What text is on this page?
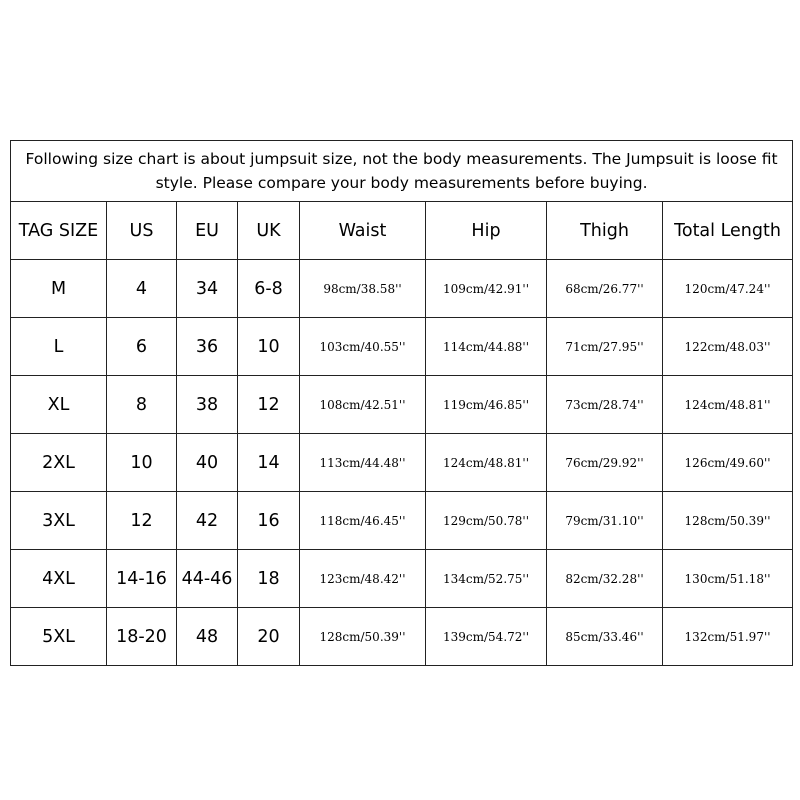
Following size chart is about jumpsuit size, not the body measurements. The Jumpsuit is loose fit style. Please compare your body measurements before buying.							
TAG SIZE	US	EU	UK	Waist	Hip	Thigh	Total Length
M	4	34	6-8	98cm/38.58''	109cm/42.91''	68cm/26.77''	120cm/47.24''
L	6	36	10	103cm/40.55''	114cm/44.88''	71cm/27.95''	122cm/48.03''
XL	8	38	12	108cm/42.51''	119cm/46.85''	73cm/28.74''	124cm/48.81''
2XL	10	40	14	113cm/44.48''	124cm/48.81''	76cm/29.92''	126cm/49.60''
3XL	12	42	16	118cm/46.45''	129cm/50.78''	79cm/31.10''	128cm/50.39''
4XL	14-16	44-46	18	123cm/48.42''	134cm/52.75''	82cm/32.28''	130cm/51.18''
5XL	18-20	48	20	128cm/50.39''	139cm/54.72''	85cm/33.46''	132cm/51.97''
